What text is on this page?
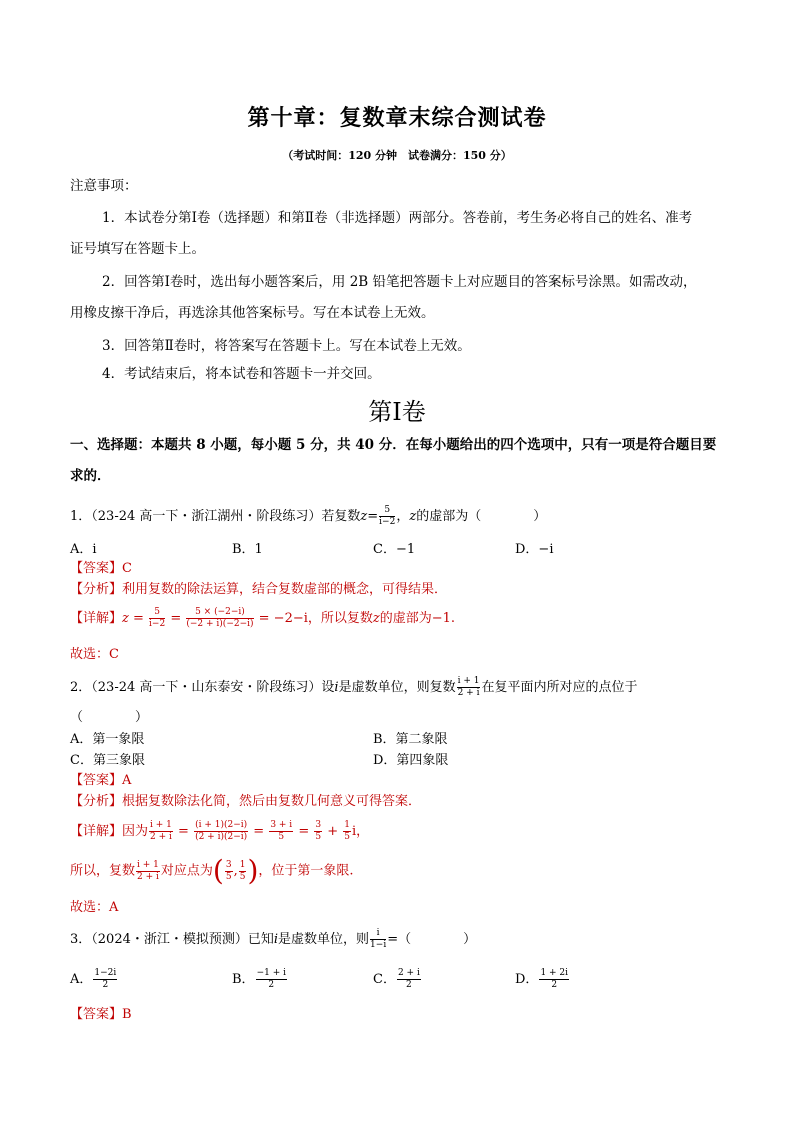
第十章：复数章末综合测试卷
（考试时间：120 分钟　试卷满分：150 分）
注意事项：
1．本试卷分第Ⅰ卷（选择题）和第Ⅱ卷（非选择题）两部分。答卷前，考生务必将自己的姓名、准考
证号填写在答题卡上。
2．回答第Ⅰ卷时，选出每小题答案后，用 2B 铅笔把答题卡上对应题目的答案标号涂黑。如需改动，
用橡皮擦干净后，再选涂其他答案标号。写在本试卷上无效。
3．回答第Ⅱ卷时，将答案写在答题卡上。写在本试卷上无效。
4．考试结束后，将本试卷和答题卡一并交回。
第Ⅰ卷
一、选择题：本题共 8 小题，每小题 5 分，共 40 分．在每小题给出的四个选项中，只有一项是符合题目要
求的．
1．（23-24 高一下・浙江湖州・阶段练习）若复数$z= \frac{5}{i-2}$ ，z的虚部为（　　　　）
A．i	B．1	C．−1	D．−i
【答案】C
【分析】利用复数的除法运算，结合复数虚部的概念，可得结果．
【详解】$z = \frac{5}{i-2} = \frac{5 \times (-2-i)}{(-2 + i)(-2-i)} = -2-i$，所以复数z的虚部为−1.
故选：C
2．（23-24 高一下・山东泰安・阶段练习）设i是虚数单位，则复数 $\frac{i + 1}{2 + i}$ 在复平面内所对应的点位于
（　　　　）
A．第一象限	B．第二象限
C．第三象限	D．第四象限
【答案】A
【分析】根据复数除法化简，然后由复数几何意义可得答案．
【详解】因为 $\frac{i + 1}{2 + i} = \frac{(i + 1)(2-i)}{(2 + i)(2-i)} = \frac{3 + i}{5} = \frac{3}{5} + \frac{1}{5}$ i，
所以，复数 $\frac{i + 1}{2 + i}$ 对应点为( $\frac{3}{5}$ , $\frac{1}{5}$ )，位于第一象限.
故选：A
3．（2024・浙江・模拟预测）已知i是虚数单位，则 $\frac{i}{1-i}$ =（　　　　）
A． $\frac{1-2i}{2}$	B． $\frac{-1 + i}{2}$	C． $\frac{2 + i}{2}$	D． $\frac{1 + 2i}{2}$
【答案】B
